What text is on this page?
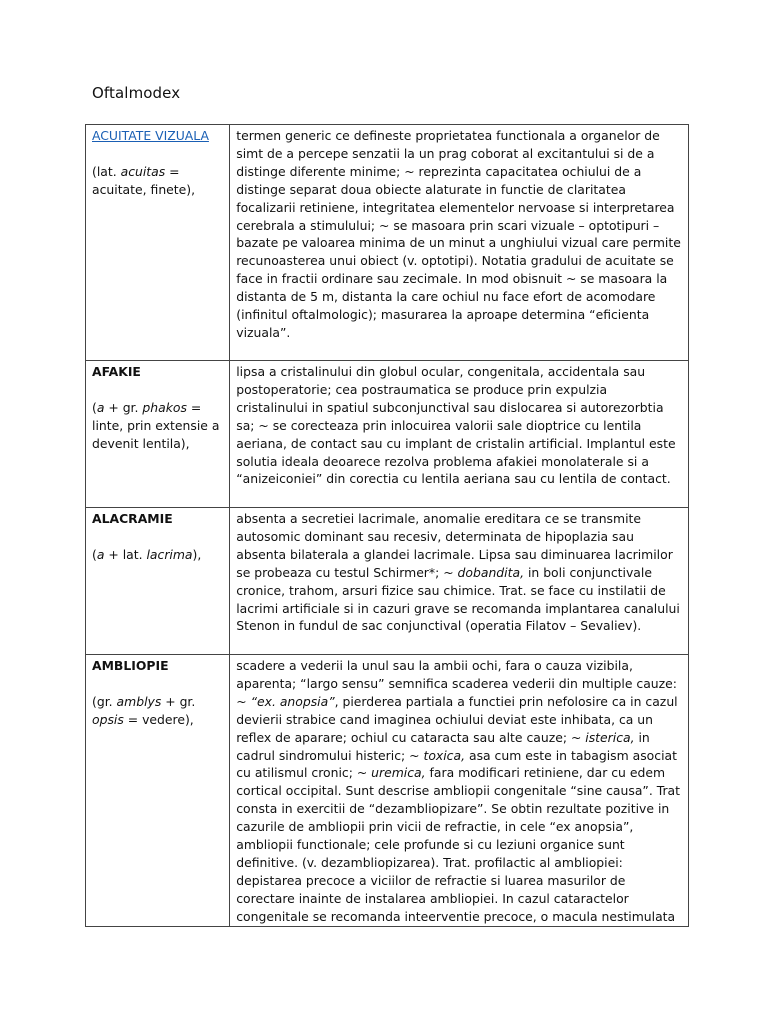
Oftalmodex
ACUITATE VIZUALA
(lat. acuitas = acuitate, finete),	termen generic ce defineste proprietatea functionala a organelor de simt de a percepe senzatii la un prag coborat al excitantului si de a distinge diferente minime; ~ reprezinta capacitatea ochiului de a distinge separat doua obiecte alaturate in functie de claritatea focalizarii retiniene, integritatea elementelor nervoase si interpretarea cerebrala a stimulului; ~ se masoara prin scari vizuale – optotipuri – bazate pe valoarea minima de un minut a unghiului vizual care permite recunoasterea unui obiect (v. optotipi). Notatia gradului de acuitate se face in fractii ordinare sau zecimale. In mod obisnuit ~ se masoara la distanta de 5 m, distanta la care ochiul nu face efort de acomodare (infinitul oftalmologic); masurarea la aproape determina “eficienta vizuala”.
AFAKIE
(a + gr. phakos = linte, prin extensie a devenit lentila),	lipsa a cristalinului din globul ocular, congenitala, accidentala sau postoperatorie; cea postraumatica se produce prin expulzia cristalinului in spatiul subconjunctival sau dislocarea si autorezorbtia sa; ~ se corecteaza prin inlocuirea valorii sale dioptrice cu lentila aeriana, de contact sau cu implant de cristalin artificial. Implantul este solutia ideala deoarece rezolva problema afakiei monolaterale si a “anizeiconiei” din corectia cu lentila aeriana sau cu lentila de contact.
ALACRAMIE
(a + lat. lacrima),	absenta a secretiei lacrimale, anomalie ereditara ce se transmite autosomic dominant sau recesiv, determinata de hipoplazia sau absenta bilaterala a glandei lacrimale. Lipsa sau diminuarea lacrimilor se probeaza cu testul Schirmer*; ~ dobandita, in boli conjunctivale cronice, trahom, arsuri fizice sau chimice. Trat. se face cu instilatii de lacrimi artificiale si in cazuri grave se recomanda implantarea canalului Stenon in fundul de sac conjunctival (operatia Filatov – Sevaliev).
AMBLIOPIE
(gr. amblys + gr. opsis = vedere),	scadere a vederii la unul sau la ambii ochi, fara o cauza vizibila, aparenta; “largo sensu” semnifica scaderea vederii din multiple cauze: ~ “ex. anopsia”, pierderea partiala a functiei prin nefolosire ca in cazul devierii strabice cand imaginea ochiului deviat este inhibata, ca un reflex de aparare; ochiul cu cataracta sau alte cauze; ~ isterica, in cadrul sindromului histeric; ~ toxica, asa cum este in tabagism asociat cu atilismul cronic; ~ uremica, fara modificari retiniene, dar cu edem cortical occipital. Sunt descrise ambliopii congenitale “sine causa”. Trat consta in exercitii de “dezambliopizare”. Se obtin rezultate pozitive in cazurile de ambliopii prin vicii de refractie, in cele “ex anopsia”, ambliopii functionale; cele profunde si cu leziuni organice sunt definitive. (v. dezambliopizarea). Trat. profilactic al ambliopiei: depistarea precoce a viciilor de refractie si luarea masurilor de corectare inainte de instalarea ambliopiei. In cazul cataractelor congenitale se recomanda inteerventie precoce, o macula nestimulata
